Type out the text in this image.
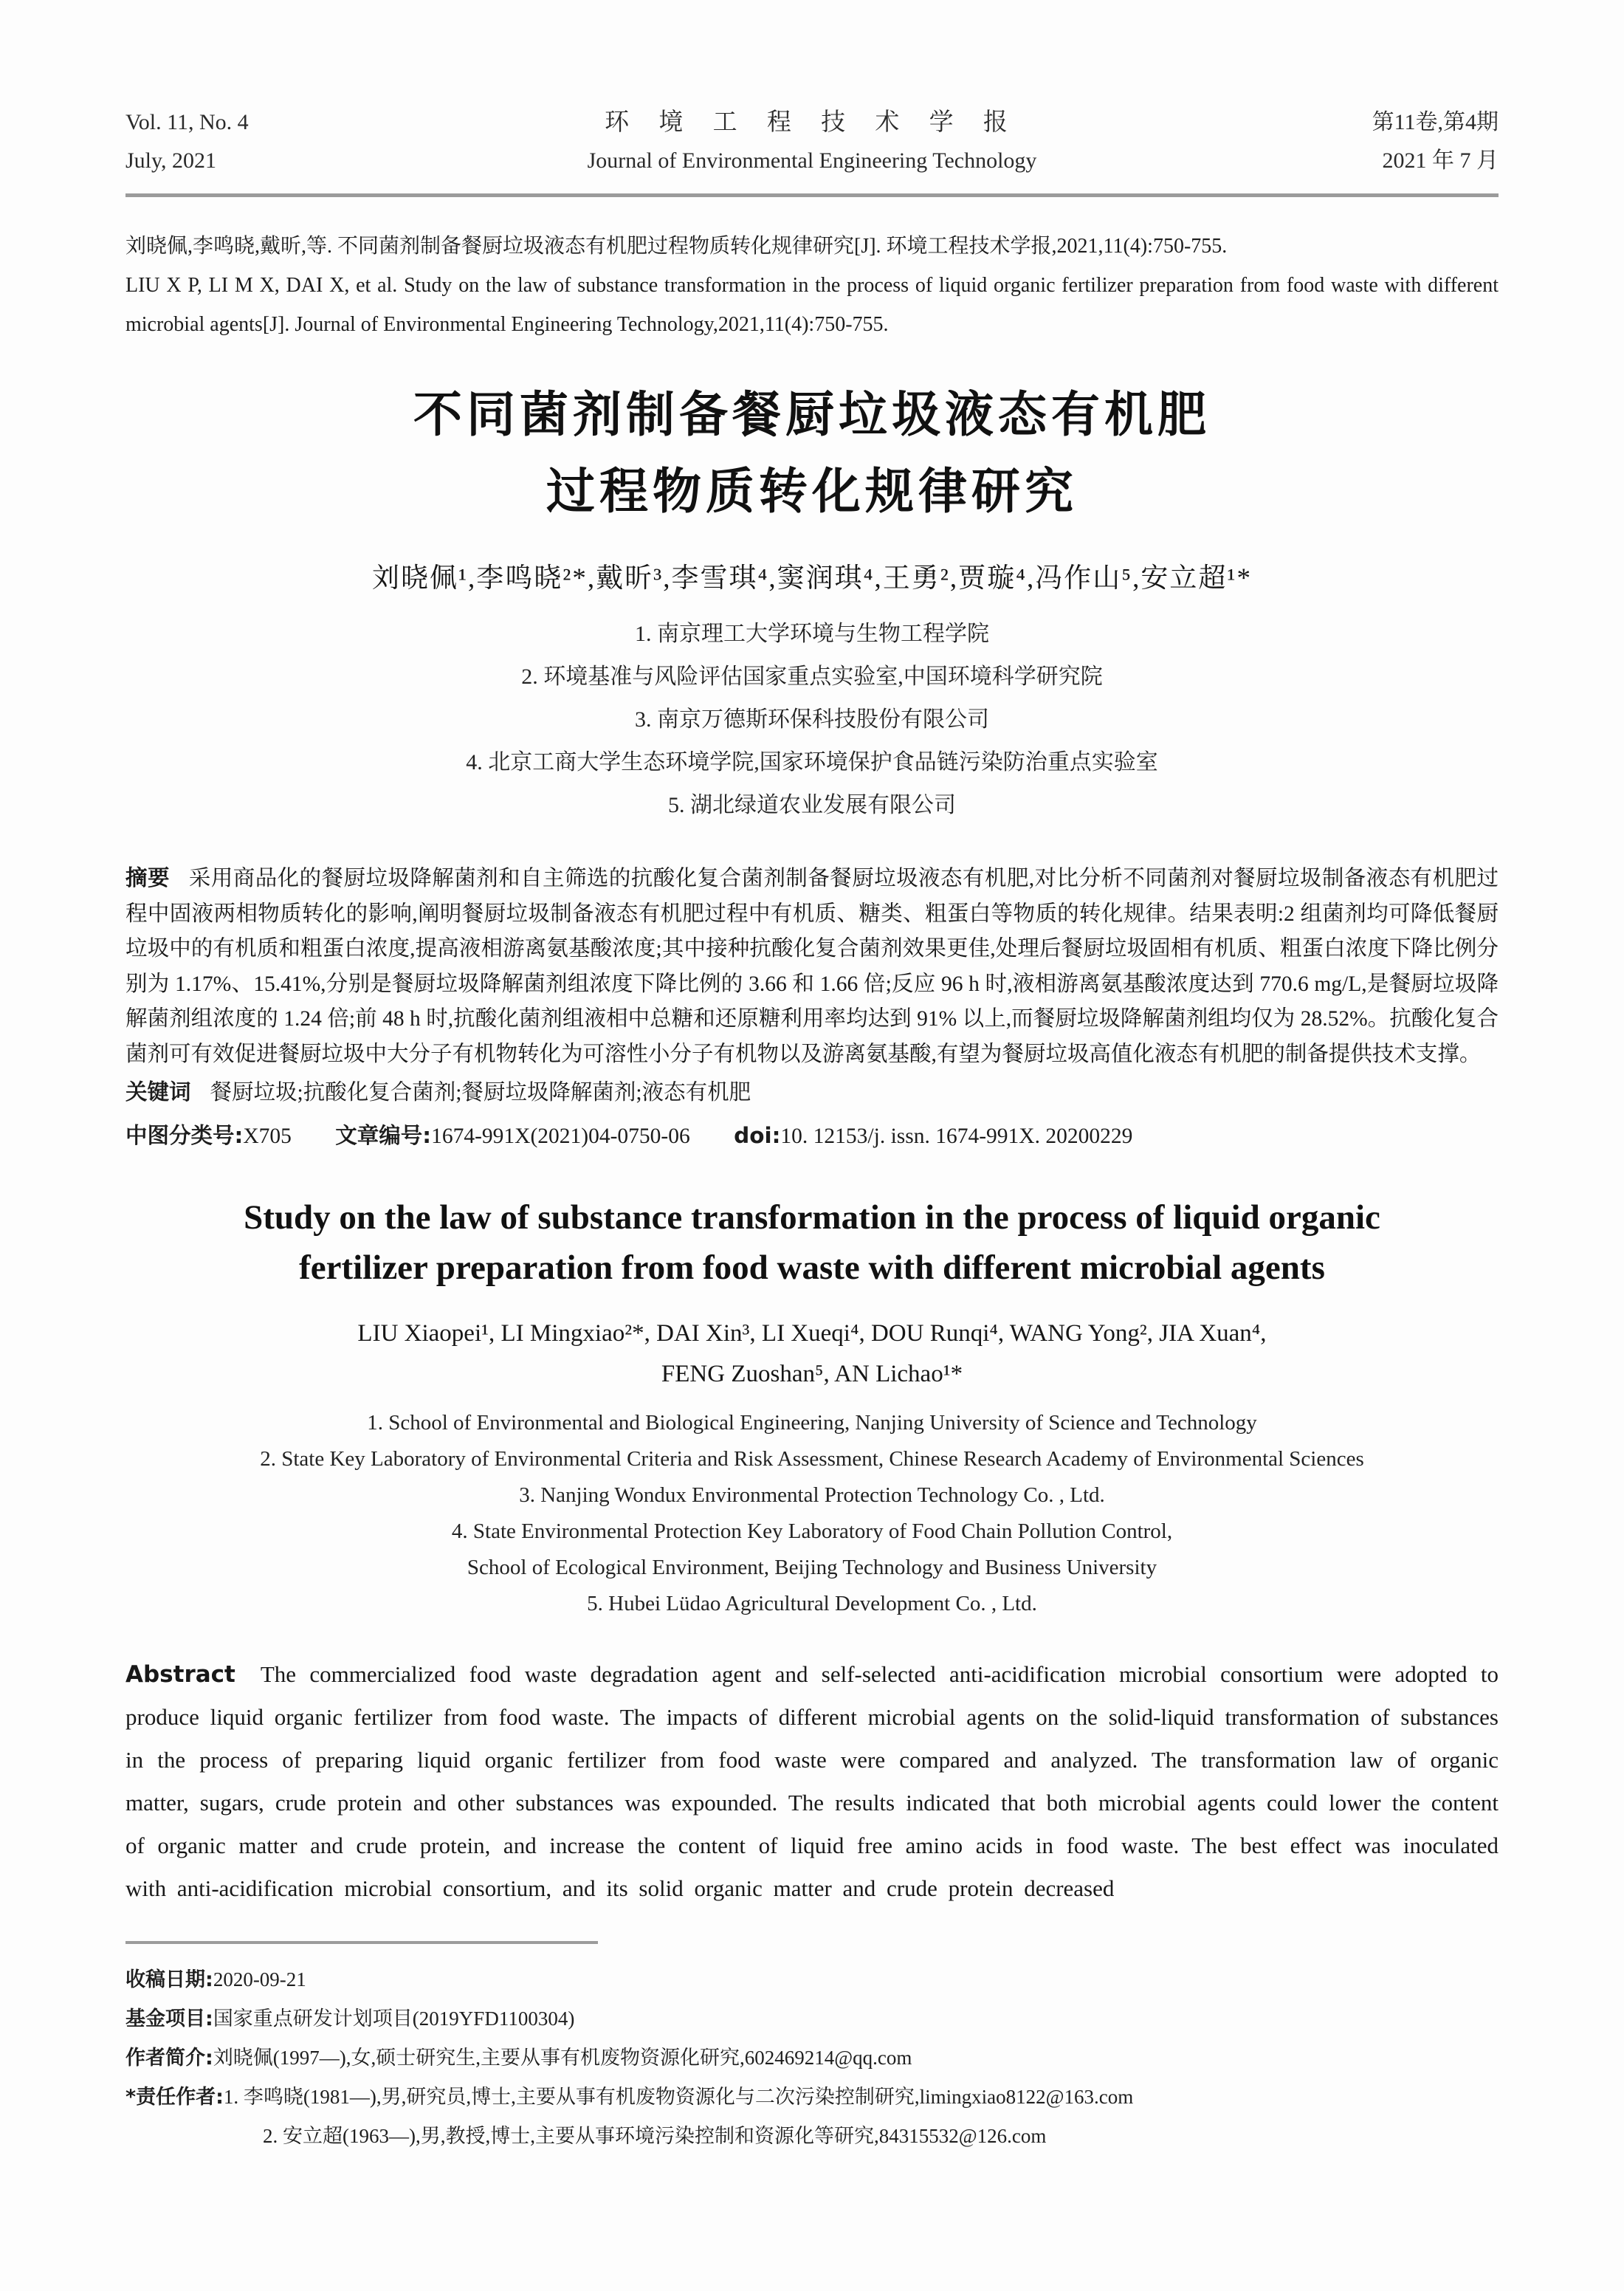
Vol. 11, No. 4
July, 2021
环 境 工 程 技 术 学 报
Journal of Environmental Engineering Technology
第11卷,第4期
2021 年 7 月

刘晓佩,李鸣晓,戴昕,等. 不同菌剂制备餐厨垃圾液态有机肥过程物质转化规律研究[J]. 环境工程技术学报,2021,11(4):750-755.

LIU X P, LI M X, DAI X, et al. Study on the law of substance transformation in the process of liquid organic fertilizer preparation from food waste with different microbial agents[J]. Journal of Environmental Engineering Technology,2021,11(4):750-755.

不同菌剂制备餐厨垃圾液态有机肥
过程物质转化规律研究
刘晓佩¹,李鸣晓²*,戴昕³,李雪琪⁴,窦润琪⁴,王勇²,贾璇⁴,冯作山⁵,安立超¹*
1. 南京理工大学环境与生物工程学院
2. 环境基准与风险评估国家重点实验室,中国环境科学研究院
3. 南京万德斯环保科技股份有限公司
4. 北京工商大学生态环境学院,国家环境保护食品链污染防治重点实验室
5. 湖北绿道农业发展有限公司
摘要 采用商品化的餐厨垃圾降解菌剂和自主筛选的抗酸化复合菌剂制备餐厨垃圾液态有机肥,对比分析不同菌剂对餐厨垃圾制备液态有机肥过程中固液两相物质转化的影响,阐明餐厨垃圾制备液态有机肥过程中有机质、糖类、粗蛋白等物质的转化规律。结果表明:2 组菌剂均可降低餐厨垃圾中的有机质和粗蛋白浓度,提高液相游离氨基酸浓度;其中接种抗酸化复合菌剂效果更佳,处理后餐厨垃圾固相有机质、粗蛋白浓度下降比例分别为 1.17%、15.41%,分别是餐厨垃圾降解菌剂组浓度下降比例的 3.66 和 1.66 倍;反应 96 h 时,液相游离氨基酸浓度达到 770.6 mg/L,是餐厨垃圾降解菌剂组浓度的 1.24 倍;前 48 h 时,抗酸化菌剂组液相中总糖和还原糖利用率均达到 91% 以上,而餐厨垃圾降解菌剂组均仅为 28.52%。抗酸化复合菌剂可有效促进餐厨垃圾中大分子有机物转化为可溶性小分子有机物以及游离氨基酸,有望为餐厨垃圾高值化液态有机肥的制备提供技术支撑。
关键词 餐厨垃圾;抗酸化复合菌剂;餐厨垃圾降解菌剂;液态有机肥
中图分类号:X705 文章编号:1674-991X(2021)04-0750-06 doi:10. 12153/j. issn. 1674-991X. 20200229
Study on the law of substance transformation in the process of liquid organic
fertilizer preparation from food waste with different microbial agents
LIU Xiaopei¹, LI Mingxiao²*, DAI Xin³, LI Xueqi⁴, DOU Runqi⁴, WANG Yong², JIA Xuan⁴,
FENG Zuoshan⁵, AN Lichao¹*
1. School of Environmental and Biological Engineering, Nanjing University of Science and Technology
2. State Key Laboratory of Environmental Criteria and Risk Assessment, Chinese Research Academy of Environmental Sciences
3. Nanjing Wondux Environmental Protection Technology Co. , Ltd.
4. State Environmental Protection Key Laboratory of Food Chain Pollution Control,
School of Ecological Environment, Beijing Technology and Business University
5. Hubei Lüdao Agricultural Development Co. , Ltd.
Abstract The commercialized food waste degradation agent and self-selected anti-acidification microbial consortium were adopted to produce liquid organic fertilizer from food waste. The impacts of different microbial agents on the solid-liquid transformation of substances in the process of preparing liquid organic fertilizer from food waste were compared and analyzed. The transformation law of organic matter, sugars, crude protein and other substances was expounded. The results indicated that both microbial agents could lower the content of organic matter and crude protein, and increase the content of liquid free amino acids in food waste. The best effect was inoculated with anti-acidification microbial consortium, and its solid organic matter and crude protein decreased

收稿日期:2020-09-21

基金项目:国家重点研发计划项目(2019YFD1100304)

作者简介:刘晓佩(1997—),女,硕士研究生,主要从事有机废物资源化研究,602469214@qq.com

*责任作者:1. 李鸣晓(1981—),男,研究员,博士,主要从事有机废物资源化与二次污染控制研究,limingxiao8122@163.com

2. 安立超(1963—),男,教授,博士,主要从事环境污染控制和资源化等研究,84315532@126.com
